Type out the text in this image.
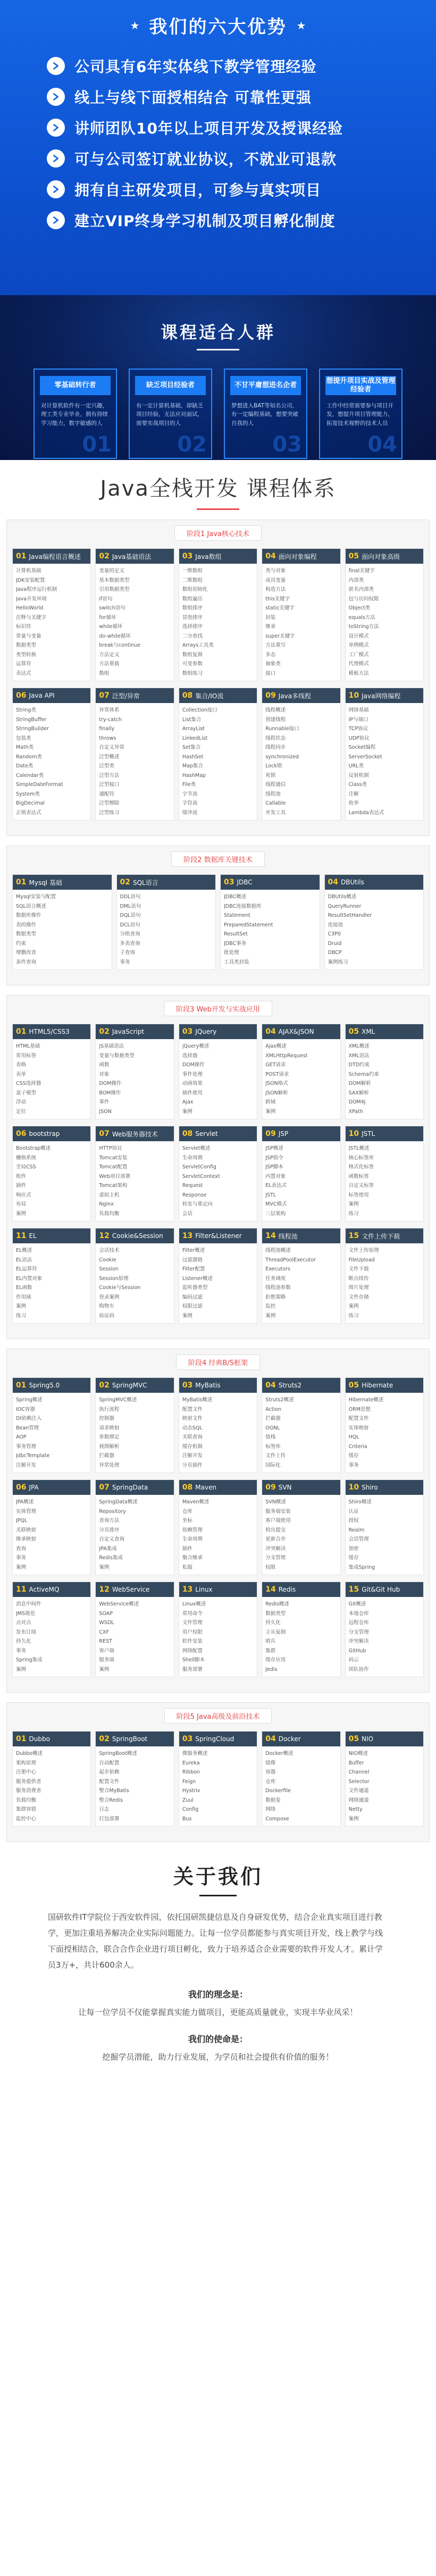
★ 我们的六大优势 ★
公司具有6年实体线下教学管理经验
线上与线下面授相结合 可靠性更强
讲师团队10年以上项目开发及授课经验
可与公司签订就业协议，不就业可退款
拥有自主研发项目，可参与真实项目
建立VIP终身学习机制及项目孵化制度
课程适合人群
零基础转行者
对计算机软件有一定兴趣，理工类专业毕业，拥有持续学习能力，数字敏感的人
01
缺乏项目经验者
有一定计算机基础，却缺乏项目经验，无法应对面试，需要实战项目的人
02
不甘平庸想进名企者
梦想进入BAT等知名公司，有一定编程基础，想要突破自我的人
03
想提升项目实战及管理经验者
工作中经常需要参与项目开发，想提升项目管理能力，拓宽技术视野的技术人员
04
Java全栈开发 课程体系
阶段1 Java核心技术
01 Java编程语言概述
计算机基础
JDK安装配置
Java程序运行机制
Java开发环境
HelloWorld
注释与关键字
标识符
常量与变量
数据类型
类型转换
运算符
表达式
02 Java基础语法
变量的定义
基本数据类型
引用数据类型
if语句
switch语句
for循环
while循环
do-while循环
break与continue
方法定义
方法重载
数组
03 Java数组
一维数组
二维数组
数组初始化
数组遍历
数组排序
冒泡排序
选择排序
二分查找
Arrays工具类
数组复制
可变参数
数组练习
04 面向对象编程
类与对象
成员变量
构造方法
this关键字
static关键字
封装
继承
super关键字
方法重写
多态
抽象类
接口
05 面向对象高级
final关键字
内部类
匿名内部类
包与访问权限
Object类
equals方法
toString方法
设计模式
单例模式
工厂模式
代理模式
模板方法
06 Java API
String类
StringBuffer
StringBuilder
包装类
Math类
Random类
Date类
Calendar类
SimpleDateFormat
System类
BigDecimal
正则表达式
07 泛型/异常
异常体系
try-catch
finally
throws
自定义异常
泛型概述
泛型类
泛型方法
泛型接口
通配符
泛型擦除
泛型练习
08 集合/IO流
Collection接口
List集合
ArrayList
LinkedList
Set集合
HashSet
Map集合
HashMap
File类
字节流
字符流
缓冲流
09 Java多线程
线程概述
创建线程
Runnable接口
线程状态
线程同步
synchronized
Lock锁
死锁
线程通信
线程池
Callable
并发工具
10 Java网络编程
网络基础
IP与端口
TCP协议
UDP协议
Socket编程
ServerSocket
URL类
反射机制
Class类
注解
枚举
Lambda表达式
阶段2 数据库关键技术
01 Mysql 基础
Mysql安装与配置
SQL语言概述
数据库操作
表的操作
数据类型
约束
增删改查
条件查询
02 SQL语言
DDL语句
DML语句
DQL语句
DCL语句
分组查询
多表查询
子查询
事务
03 JDBC
JDBC概述
JDBC连接数据库
Statement
PreparedStatement
ResultSet
JDBC事务
批处理
工具类封装
04 DBUtils
DBUtils概述
QueryRunner
ResultSetHandler
连接池
C3P0
Druid
DBCP
案例练习
阶段3 Web开发与实战应用
01 HTML5/CSS3
HTML基础
常用标签
表格
表单
CSS选择器
盒子模型
浮动
定位
02 JavaScript
JS基础语法
变量与数据类型
函数
对象
DOM操作
BOM操作
事件
JSON
03 JQuery
jQuery概述
选择器
DOM操作
事件处理
动画效果
插件使用
Ajax
案例
04 AJAX&JSON
Ajax概述
XMLHttpRequest
GET请求
POST请求
JSON格式
JSON解析
跨域
案例
05 XML
XML概述
XML语法
DTD约束
Schema约束
DOM解析
SAX解析
DOM4J
XPath
06 bootstrap
Bootstrap概述
栅格系统
全局CSS
组件
插件
响应式
布局
案例
07 Web服务器技术
HTTP协议
Tomcat安装
Tomcat配置
Web项目部署
Tomcat架构
虚拟主机
Nginx
负载均衡
08 Servlet
Servlet概述
生命周期
ServletConfig
ServletContext
Request
Response
转发与重定向
会话
09 JSP
JSP概述
JSP指令
JSP脚本
内置对象
EL表达式
JSTL
MVC模式
三层架构
10 JSTL
JSTL概述
核心标签库
格式化标签
函数标签
自定义标签
标签使用
案例
练习
11 EL
EL概述
EL语法
EL运算符
EL内置对象
EL函数
作用域
案例
练习
12 Cookie&Session
会话技术
Cookie
Session
Session原理
Cookie与Session
登录案例
购物车
验证码
13 Filter&Listener
Filter概述
过滤器链
Filter配置
Listener概述
监听器类型
编码过滤
权限过滤
案例
14 线程池
线程池概述
ThreadPoolExecutor
Executors
任务调度
线程池参数
拒绝策略
监控
案例
15 文件上传下载
文件上传原理
FileUpload
文件下载
断点续传
图片处理
文件存储
案例
练习
阶段4 经典B/S框架
01 Spring5.0
Spring概述
IOC容器
DI依赖注入
Bean管理
AOP
事务管理
JdbcTemplate
注解开发
02 SpringMVC
SpringMVC概述
执行流程
控制器
请求映射
参数绑定
视图解析
拦截器
异常处理
03 MyBatis
MyBatis概述
配置文件
映射文件
动态SQL
关联查询
缓存机制
注解开发
分页插件
04 Struts2
Struts2概述
Action
拦截器
OGNL
值栈
标签库
文件上传
国际化
05 Hibernate
Hibernate概述
ORM思想
配置文件
实体映射
HQL
Criteria
缓存
事务
06 JPA
JPA概述
实体管理
JPQL
关联映射
继承映射
查询
事务
案例
07 SpringData
SpringData概述
Repository
查询方法
分页排序
自定义查询
JPA集成
Redis集成
案例
08 Maven
Maven概述
仓库
坐标
依赖管理
生命周期
插件
聚合继承
私服
09 SVN
SVN概述
服务端安装
客户端使用
检出提交
更新合并
冲突解决
分支管理
权限
10 Shiro
Shiro概述
认证
授权
Realm
会话管理
加密
缓存
集成Spring
11 ActiveMQ
消息中间件
JMS规范
点对点
发布订阅
持久化
事务
Spring集成
案例
12 WebService
WebService概述
SOAP
WSDL
CXF
REST
客户端
服务端
案例
13 Linux
Linux概述
常用命令
文件管理
用户权限
软件安装
网络配置
Shell脚本
服务部署
14 Redis
Redis概述
数据类型
持久化
主从复制
哨兵
集群
缓存应用
Jedis
15 Git&Git Hub
Git概述
本地仓库
远程仓库
分支管理
冲突解决
GitHub
码云
团队协作
阶段5 Java高级及前沿技术
01 Dubbo
Dubbo概述
架构原理
注册中心
服务提供者
服务消费者
负载均衡
集群容错
监控中心
02 SpringBoot
SpringBoot概述
自动配置
起步依赖
配置文件
整合MyBatis
整合Redis
日志
打包部署
03 SpringCloud
微服务概述
Eureka
Ribbon
Feign
Hystrix
Zuul
Config
Bus
04 Docker
Docker概述
镜像
容器
仓库
Dockerfile
数据卷
网络
Compose
05 NIO
NIO概述
Buffer
Channel
Selector
文件通道
网络通道
Netty
案例
关于我们

国研软件IT学院位于西安软件园，依托国研凯捷信息及自身研发优势，结合企业真实项目进行教学，更加注重培养解决企业实际问题能力。让每一位学员都能参与真实项目开发，线上教学与线下面授相结合，联合合作企业进行项目孵化，致力于培养适合企业需要的软件开发人才。累计学员3万+，共计600余人。

我们的理念是：
让每一位学员不仅能掌握真实能力做项目，更能高质量就业，实现丰华业风采！
我们的使命是：
挖掘学员潜能，助力行业发展，为学员和社会提供有价值的服务！
